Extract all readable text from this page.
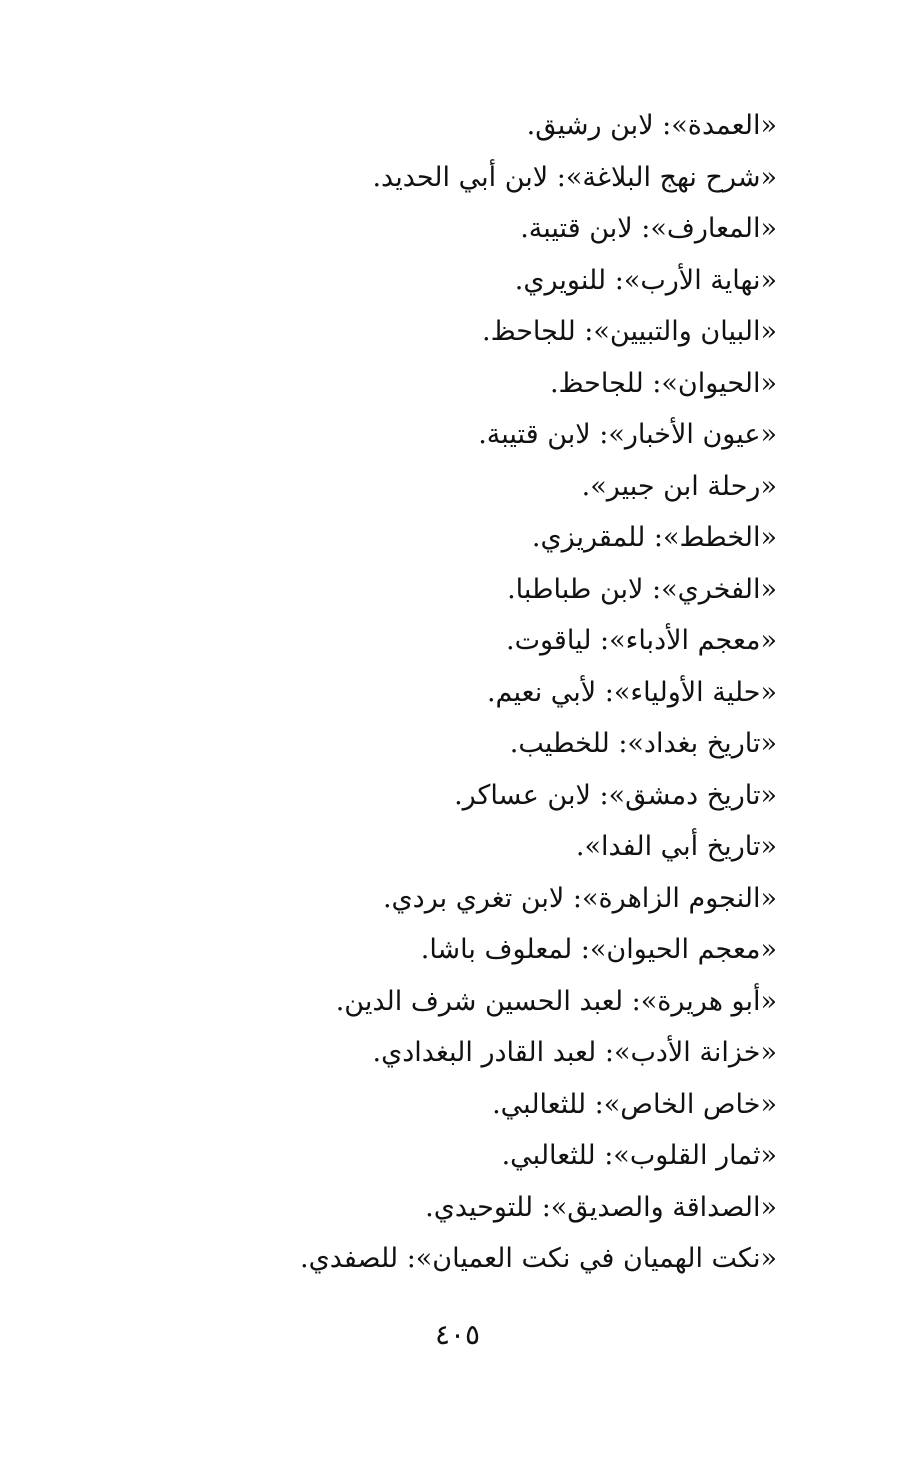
«العمدة»: لابن رشيق.
«شرح نهج البلاغة»: لابن أبي الحديد.
«المعارف»: لابن قتيبة.
«نهاية الأرب»: للنويري.
«البيان والتبيين»: للجاحظ.
«الحيوان»: للجاحظ.
«عيون الأخبار»: لابن قتيبة.
«رحلة ابن جبير».
«الخطط»: للمقريزي.
«الفخري»: لابن طباطبا.
«معجم الأدباء»: لياقوت.
«حلية الأولياء»: لأبي نعيم.
«تاريخ بغداد»: للخطيب.
«تاريخ دمشق»: لابن عساكر.
«تاريخ أبي الفدا».
«النجوم الزاهرة»: لابن تغري بردي.
«معجم الحيوان»: لمعلوف باشا.
«أبو هريرة»: لعبد الحسين شرف الدين.
«خزانة الأدب»: لعبد القادر البغدادي.
«خاص الخاص»: للثعالبي.
«ثمار القلوب»: للثعالبي.
«الصداقة والصديق»: للتوحيدي.
«نكت الهميان في نكت العميان»: للصفدي.
٤٠٥
